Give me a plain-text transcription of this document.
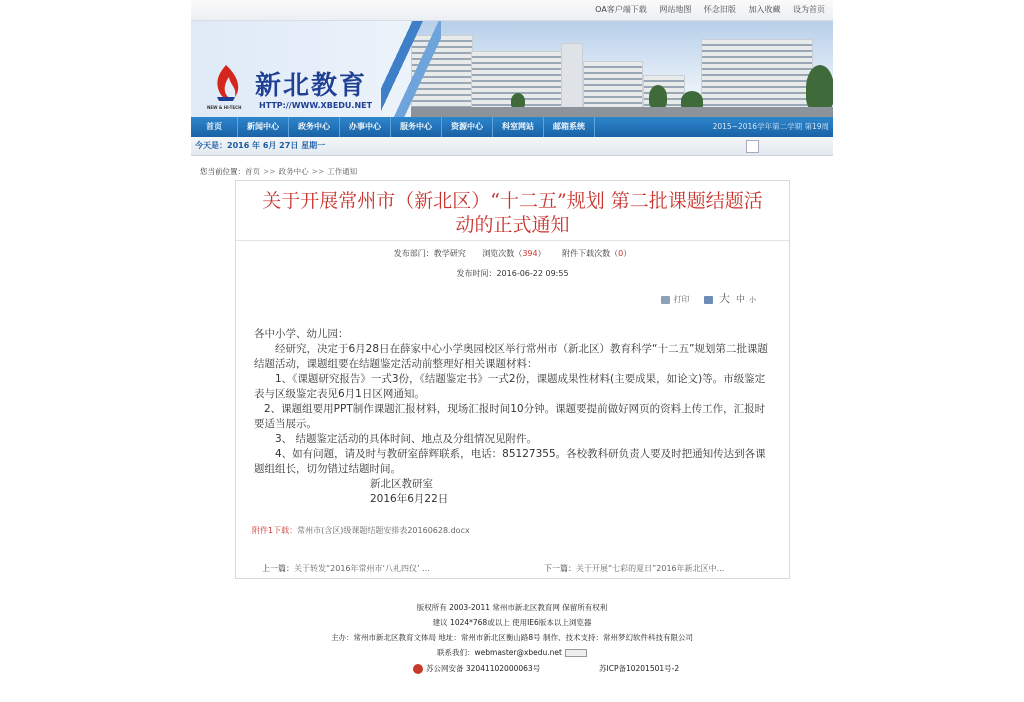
OA客户端下载 网站地图 怀念旧版 加入收藏 设为首页
NEW & HI-TECH
新北教育
HTTP://WWW.XBEDU.NET
首页	新闻中心	政务中心	办事中心	服务中心	资源中心	科室网站	邮箱系统	2015~2016学年第二学期 第19周
今天是：2016 年 6月 27日 星期一
您当前位置：首页 >> 政务中心 >> 工作通知
关于开展常州市（新北区）“十二五”规划 第二批课题结题活
动的正式通知
发布部门：教学研究 浏览次数（394） 附件下载次数（0）
发布时间：2016-06-22 09:55
打印	大 中 小

各中小学、幼儿园：

经研究，决定于6月28日在薛家中心小学奥园校区举行常州市（新北区）教育科学“十二五”规划第二批课题结题活动，课题组要在结题鉴定活动前整理好相关课题材料：

1、《课题研究报告》一式3份，《结题鉴定书》一式2份，课题成果性材料(主要成果，如论文)等。市级鉴定表与区级鉴定表见6月1日区网通知。

2、课题组要用PPT制作课题汇报材料，现场汇报时间10分钟。课题要提前做好网页的资料上传工作，汇报时要适当展示。

3、 结题鉴定活动的具体时间、地点及分组情况见附件。

4、如有问题，请及时与教研室薛辉联系，电话：85127355。各校教科研负责人要及时把通知传达到各课题组组长，切勿错过结题时间。

新北区教研室

2016年6月22日

附件1下载：常州市(含区)级课题结题安排表20160628.docx
上一篇：关于转发“2016年常州市‘八礼四仪’ ...	下一篇：关于开展“七彩的夏日”2016年新北区中...
版权所有 2003-2011 常州市新北区教育网 保留所有权利
建议 1024*768或以上 使用IE6版本以上浏览器
主办：常州市新北区教育文体局 地址：常州市新北区衡山路8号 制作、技术支持：常州梦幻软件科技有限公司
联系我们：webmaster@xbedu.net
苏公网安备 32041102000063号	苏ICP备10201501号-2
